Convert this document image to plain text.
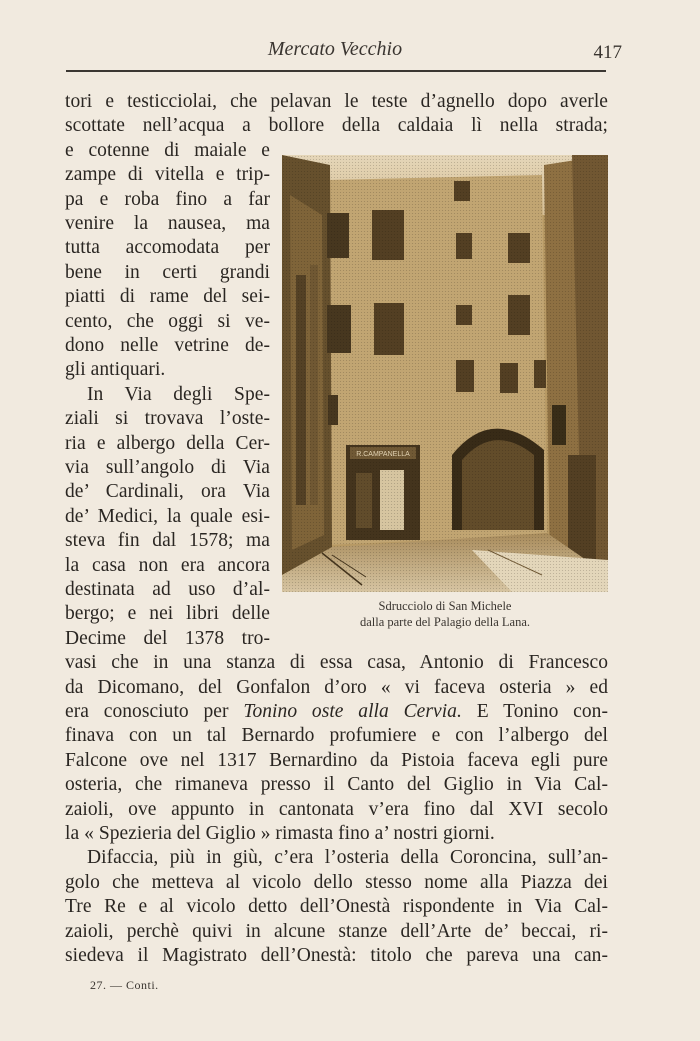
Mercato Vecchio	417
tori e testicciolai, che pelavan le teste d’agnello dopo averle
scottate nell’acqua a bollore della caldaia lì nella strada;
e cotenne di maiale e
zampe di vitella e trip-
pa e roba fino a far
venire la nausea, ma
tutta accomodata per
bene in certi grandi
piatti di rame del sei-
cento, che oggi si ve-
dono nelle vetrine de-
gli antiquari.
In Via degli Spe-
ziali si trovava l’oste-
ria e albergo della Cer-
via sull’angolo di Via
de’ Cardinali, ora Via
de’ Medici, la quale esi-
steva fin dal 1578; ma
la casa non era ancora
destinata ad uso d’al-
bergo; e nei libri delle
Decime del 1378 tro-
Sdrucciolo di San Michele
dalla parte del Palagio della Lana.
vasi che in una stanza di essa casa, Antonio di Francesco
da Dicomano, del Gonfalon d’oro « vi faceva osteria » ed
era conosciuto per Tonino oste alla Cervia. E Tonino con-
finava con un tal Bernardo profumiere e con l’albergo del
Falcone ove nel 1317 Bernardino da Pistoia faceva egli pure
osteria, che rimaneva presso il Canto del Giglio in Via Cal-
zaioli, ove appunto in cantonata v’era fino dal XVI secolo
la « Spezieria del Giglio » rimasta fino a’ nostri giorni.
Difaccia, più in giù, c’era l’osteria della Coroncina, sull’an-
golo che metteva al vicolo dello stesso nome alla Piazza dei
Tre Re e al vicolo detto dell’Onestà rispondente in Via Cal-
zaioli, perchè quivi in alcune stanze dell’Arte de’ beccai, ri-
siedeva il Magistrato dell’Onestà: titolo che pareva una can-
27. — Conti.
